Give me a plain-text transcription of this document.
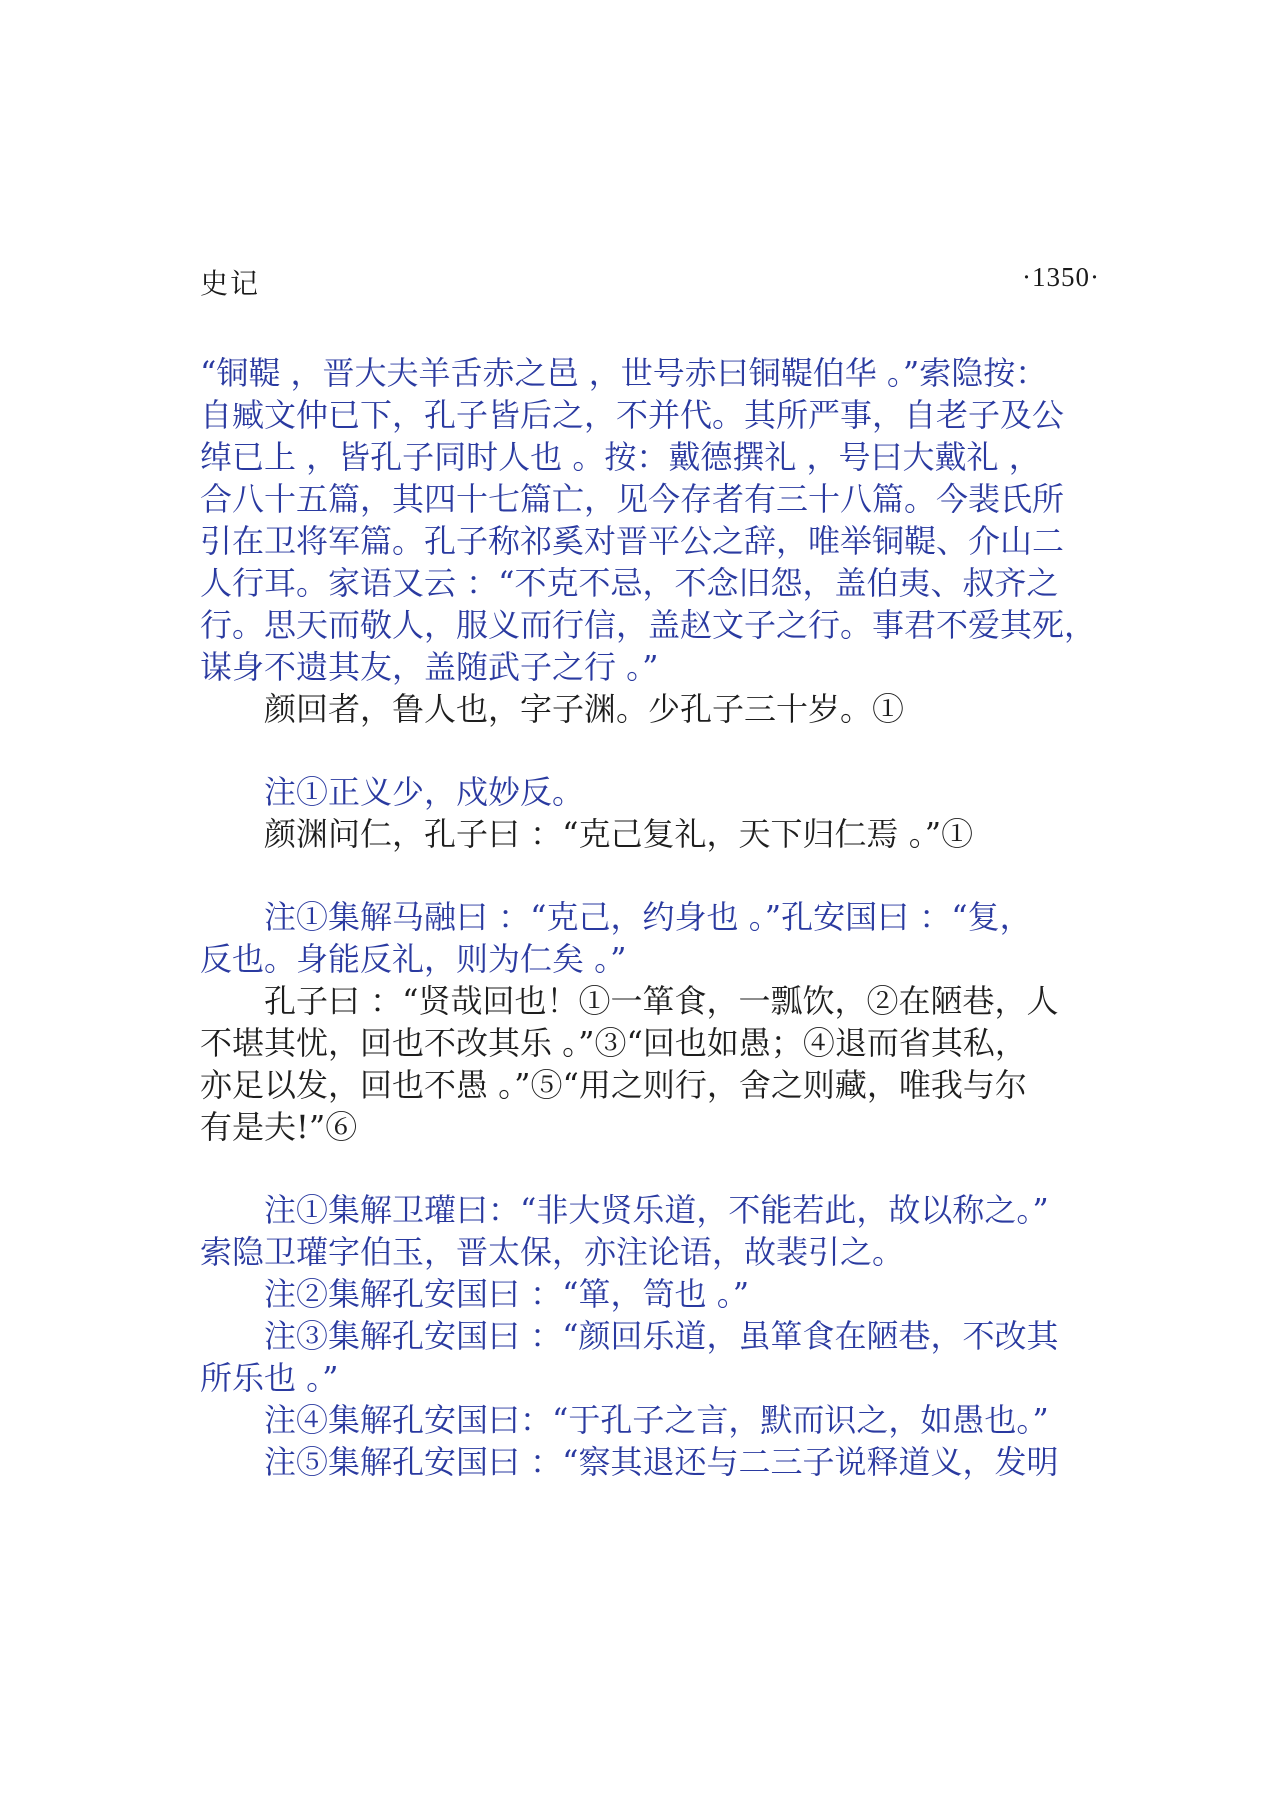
史记	·1350·
“铜鞮 ，晋大夫羊舌赤之邑 ，世号赤曰铜鞮伯华 。”索隐按：
自臧文仲已下，孔子皆后之，不并代。其所严事，自老子及公
绰已上 ，皆孔子同时人也 。按：戴德撰礼 ，号曰大戴礼 ，
合八十五篇，其四十七篇亡，见今存者有三十八篇。今裴氏所
引在卫将军篇。孔子称祁奚对晋平公之辞，唯举铜鞮、介山二
人行耳。家语又云 ：“不克不忌，不念旧怨，盖伯夷、叔齐之
行。思天而敬人，服义而行信，盖赵文子之行。事君不爱其死，
谋身不遗其友，盖随武子之行 。”
颜回者，鲁人也，字子渊。少孔子三十岁。①
注①正义少，戍妙反。
颜渊问仁，孔子曰 ：“克己复礼，天下归仁焉 。”①
注①集解马融曰 ：“克己，约身也 。”孔安国曰 ：“复，
反也。身能反礼，则为仁矣 。”
孔子曰 ：“贤哉回也！①一箪食，一瓢饮，②在陋巷，人
不堪其忧，回也不改其乐 。”③“回也如愚；④退而省其私，
亦足以发，回也不愚 。”⑤“用之则行，舍之则藏，唯我与尔
有是夫!”⑥
注①集解卫瓘曰：“非大贤乐道，不能若此，故以称之。”
索隐卫瓘字伯玉，晋太保，亦注论语，故裴引之。
注②集解孔安国曰 ：“箪，笥也 。”
注③集解孔安国曰 ：“颜回乐道，虽箪食在陋巷，不改其
所乐也 。”
注④集解孔安国曰：“于孔子之言，默而识之，如愚也。”
注⑤集解孔安国曰 ：“察其退还与二三子说释道义，发明
